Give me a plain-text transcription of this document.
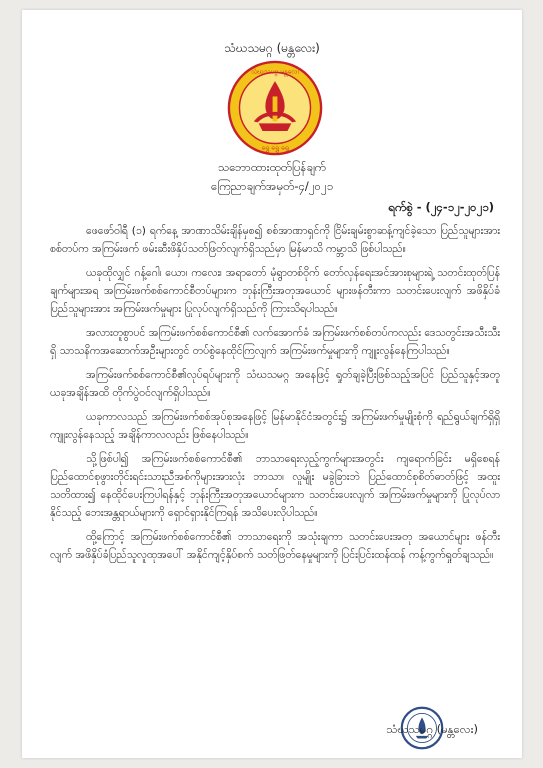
သံဃသမဂ္ဂ (မန္တလေး)
သံဃသမဂ္ဂ မန္တလေး
ရွှေ ရွှေ ရွှေ
သဘောထားထုတ်ပြန်ချက်
ကြေညာချက်အမှတ်-၄/၂၀၂၁
ရက်စွဲ - (၂၄-၁၂-၂၀၂၁)

ဖေဖော်ဝါရီ (၁) ရက်နေ့ အာဏာသိမ်းချိန်မှစ၍ စစ်အာဏာရှင်ကို ငြိမ်းချမ်းစွာဆန့်ကျင်ခဲ့သော ပြည်သူများအား စစ်တပ်က အကြမ်းဖက် ဖမ်းဆီးဖိနှိပ်သတ်ဖြတ်လျက်ရှိသည်မှာ မြန်မာသိ ကမ္ဘာသိ ဖြစ်ပါသည်။

ယခုထိုလျှင် ဂန့်ဂေါ၊ ယော၊ ကလေး၊ အရာတော် မုံရွာတစ်ဝိုက် တော်လှန်ရေးအင်အားစုများရဲ့ သတင်းထုတ်ပြန်ချက်များအရ အကြမ်းဖက်စစ်ကောင်စီတပ်များက ဘုန်းကြီးအတုအယောင် များဖန်တီးကာ သတင်းပေးလျက် အဖိနှိပ်ခံပြည်သူများအား အကြမ်းဖက်မှုများ ပြုလုပ်လျက်ရှိသည်ကို ကြားသိရပါသည်။

အလားတူစွာပင် အကြမ်းဖက်စစ်ကောင်စီ၏ လက်အောက်ခံ အကြမ်းဖက်စစ်တပ်ကလည်း ဒေသတွင်းအသီးသီးရှိ သာသနိကအဆောက်အဦးများတွင် တပ်စွဲနေထိုင်ကြလျက် အကြမ်းဖက်မှုများကို ကျူးလွန်နေကြပါသည်။

အကြမ်းဖက်စစ်ကောင်စီ၏လုပ်ရပ်များကို သံဃသမဂ္ဂ အနေဖြင့် ရှုတ်ချခဲ့ပြီးဖြစ်သည့်အပြင် ပြည်သူနှင့်အတူ ယခုအချိန်အထိ တိုက်ပွဲဝင်လျက်ရှိပါသည်။

ယခုကာလသည် အကြမ်းဖက်စစ်အုပ်စုအနေဖြင့် မြန်မာနိုင်ငံအတွင်း၌ အကြမ်းဖက်မှုမျိုးစုံကို ရည်ရွယ်ချက်ရှိရှိ ကျူးလွန်နေသည့် အချိန်ကာလလည်း ဖြစ်နေပါသည်။

သို့ဖြစ်ပါ၍ အကြမ်းဖက်စစ်ကောင်စီ၏ ဘာသာရေးလှည့်ကွက်များအတွင်း ကျရောက်ခြင်း မရှိစေရန် ပြည်ထောင်စုဖွားတိုင်းရင်းသားညီအစ်ကိုများအားလုံး ဘာသာ၊ လူမျိုး မခွဲခြားဘဲ ပြည်ထောင်စုစိတ်ဓာတ်ဖြင့် အထူးသတိထား၍ နေထိုင်ပေးကြပါရန်နှင့် ဘုန်းကြီးအတုအယောင်များက သတင်းပေးလျက် အကြမ်းဖက်မှုများကို ပြုလုပ်လာနိုင်သည့် ဘေးအန္တရာယ်များကို ရှောင်ရှားနိုင်ကြရန် အသိပေးလိုပါသည်။

ထို့ကြောင့် အကြမ်းဖက်စစ်ကောင်စီ၏ ဘာသာရေးကို အသုံးချကာ သတင်းပေးအတု အယောင်များ ဖန်တီးလျက် အဖိနှိပ်ခံပြည်သူလူထုအပေါ် အနိုင်ကျင့်နှိပ်စက် သတ်ဖြတ်နေမှုများကို ပြင်းပြင်းထန်ထန် ကန့်ကွက်ရှုတ်ချသည်။

သံဃသမဂ္ဂ (မန္တလေး)
